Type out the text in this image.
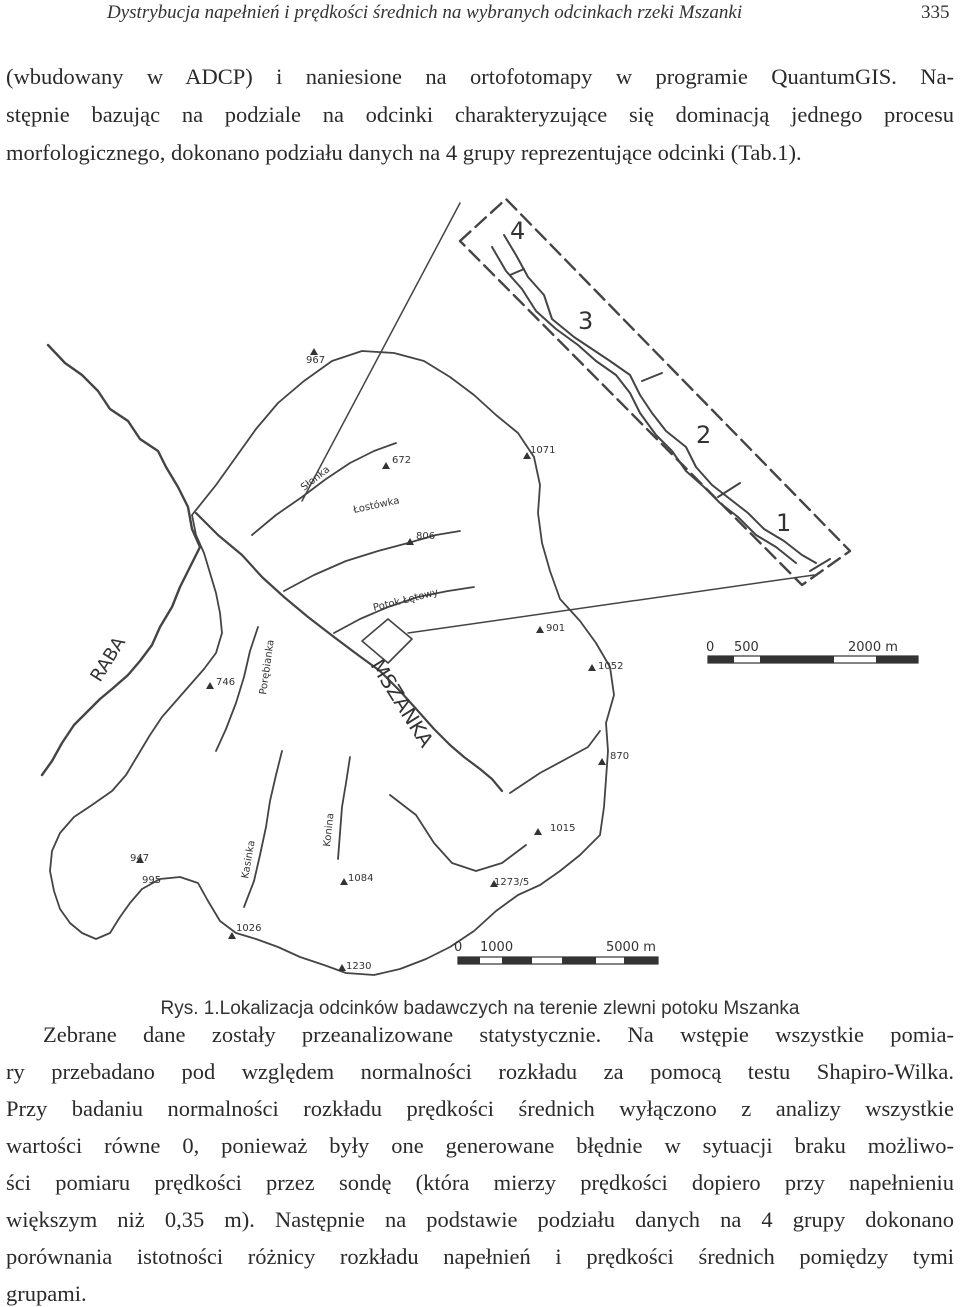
Dystrybucja napełnień i prędkości średnich na wybranych odcinkach rzeki Mszanki	335
(wbudowany w ADCP) i naniesione na ortofotomapy w programie QuantumGIS. Na-
stępnie bazując na podziale na odcinki charakteryzujące się dominacją jednego procesu
morfologicznego, dokonano podziału danych na 4 grupy reprezentujące odcinki (Tab.1).
4
3
2
1
967
672
1071
806
901
1052
746
870
1015
947
995	1084	1273/5
1026
1230
RABA	MSZANKA
Słonka
Łostówka
Potok Łętowy
Porębianka
Kasinka
Konina
0 500	2000 m
0 1000	5000 m
Rys. 1.Lokalizacja odcinków badawczych na terenie zlewni potoku Mszanka
Zebrane dane zostały przeanalizowane statystycznie. Na wstępie wszystkie pomia-
ry przebadano pod względem normalności rozkładu za pomocą testu Shapiro-Wilka.
Przy badaniu normalności rozkładu prędkości średnich wyłączono z analizy wszystkie
wartości równe 0, ponieważ były one generowane błędnie w sytuacji braku możliwo-
ści pomiaru prędkości przez sondę (która mierzy prędkości dopiero przy napełnieniu
większym niż 0,35 m). Następnie na podstawie podziału danych na 4 grupy dokonano
porównania istotności różnicy rozkładu napełnień i prędkości średnich pomiędzy tymi
grupami.
